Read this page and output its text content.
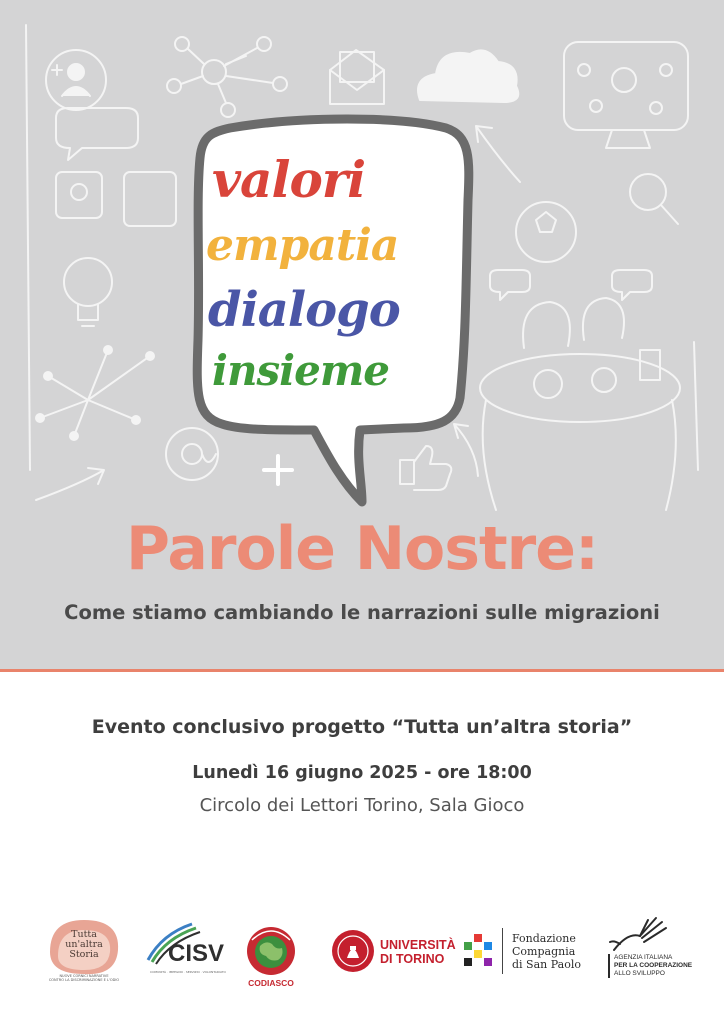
valori
empatia
dialogo
insieme
Parole Nostre:
Come stiamo cambiando le narrazioni sulle migrazioni
Evento conclusivo progetto “Tutta un’altra storia”
Lunedì 16 giugno 2025 - ore 18:00
Circolo dei Lettori Torino, Sala Gioco
Tutta
un'altra
Storia
NUOVE CORNICI NARRATIVE
CONTRO LA DISCRIMINAZIONE E L'ODIO
CISV
COMUNITÀ · IMPEGNO · SERVIZIO · VOLONTARIATO
CODIASCO
UNIVERSITÀ
DI TORINO
Fondazione
Compagnia
di San Paolo
AGENZIA ITALIANA
PER LA COOPERAZIONE
ALLO SVILUPPO
